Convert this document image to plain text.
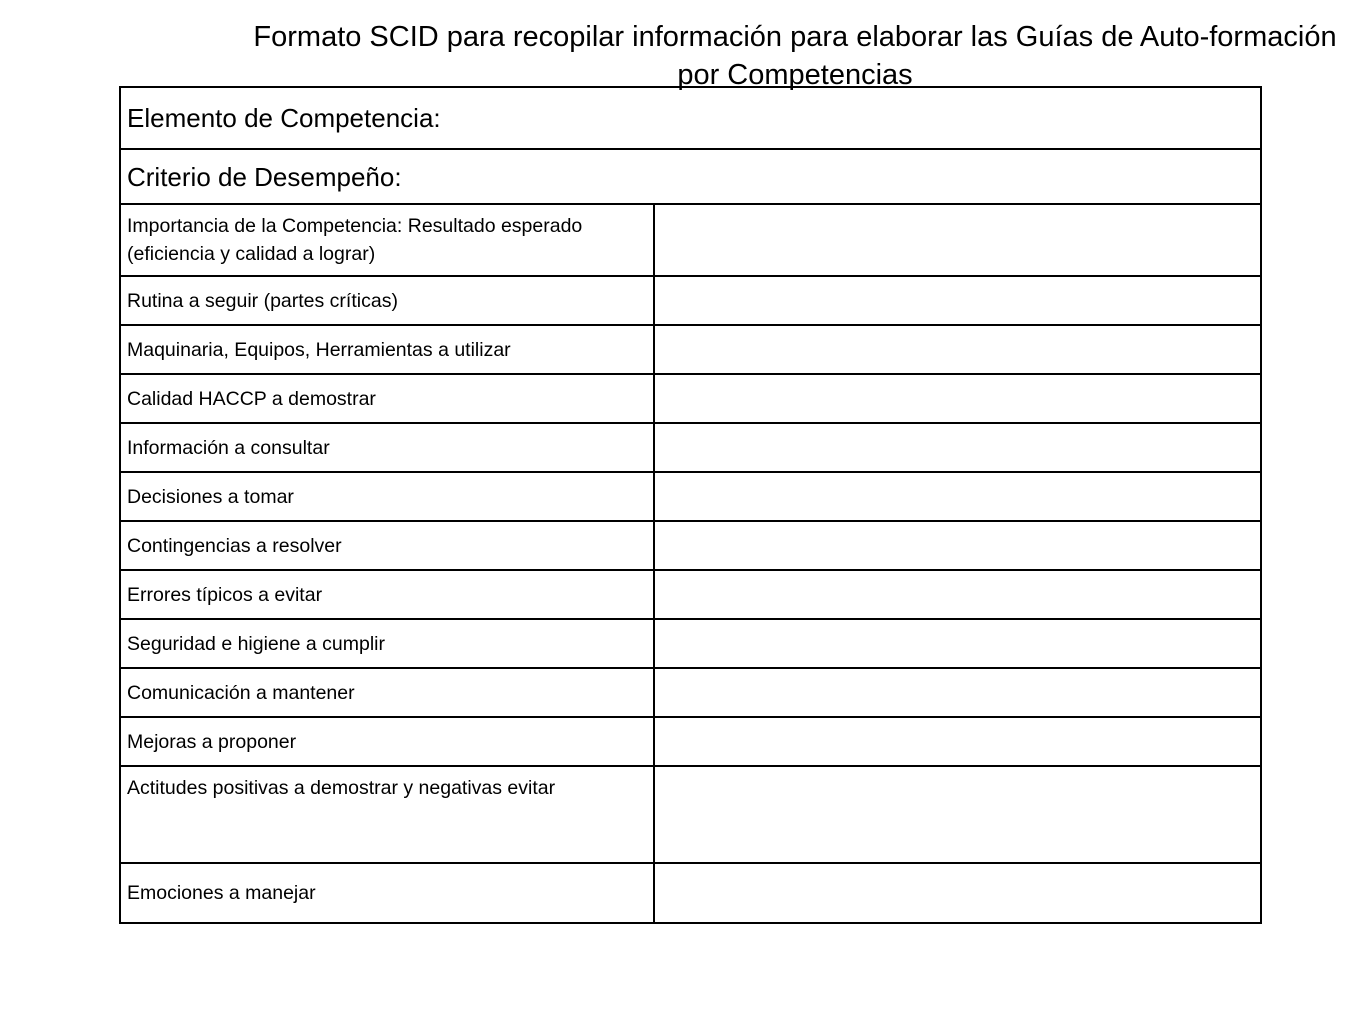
Formato SCID para recopilar información para elaborar las Guías de Auto-formación por Competencias
Elemento de Competencia:	
Criterio de Desempeño:	
Importancia de la Competencia: Resultado esperado (eficiencia y calidad a lograr)	
Rutina a seguir (partes críticas)	
Maquinaria, Equipos, Herramientas a utilizar	
Calidad HACCP a demostrar	
Información a consultar	
Decisiones a tomar	
Contingencias a resolver	
Errores típicos a evitar	
Seguridad e higiene a cumplir	
Comunicación a mantener	
Mejoras a proponer	
Actitudes positivas a demostrar y negativas evitar	
Emociones a manejar	
